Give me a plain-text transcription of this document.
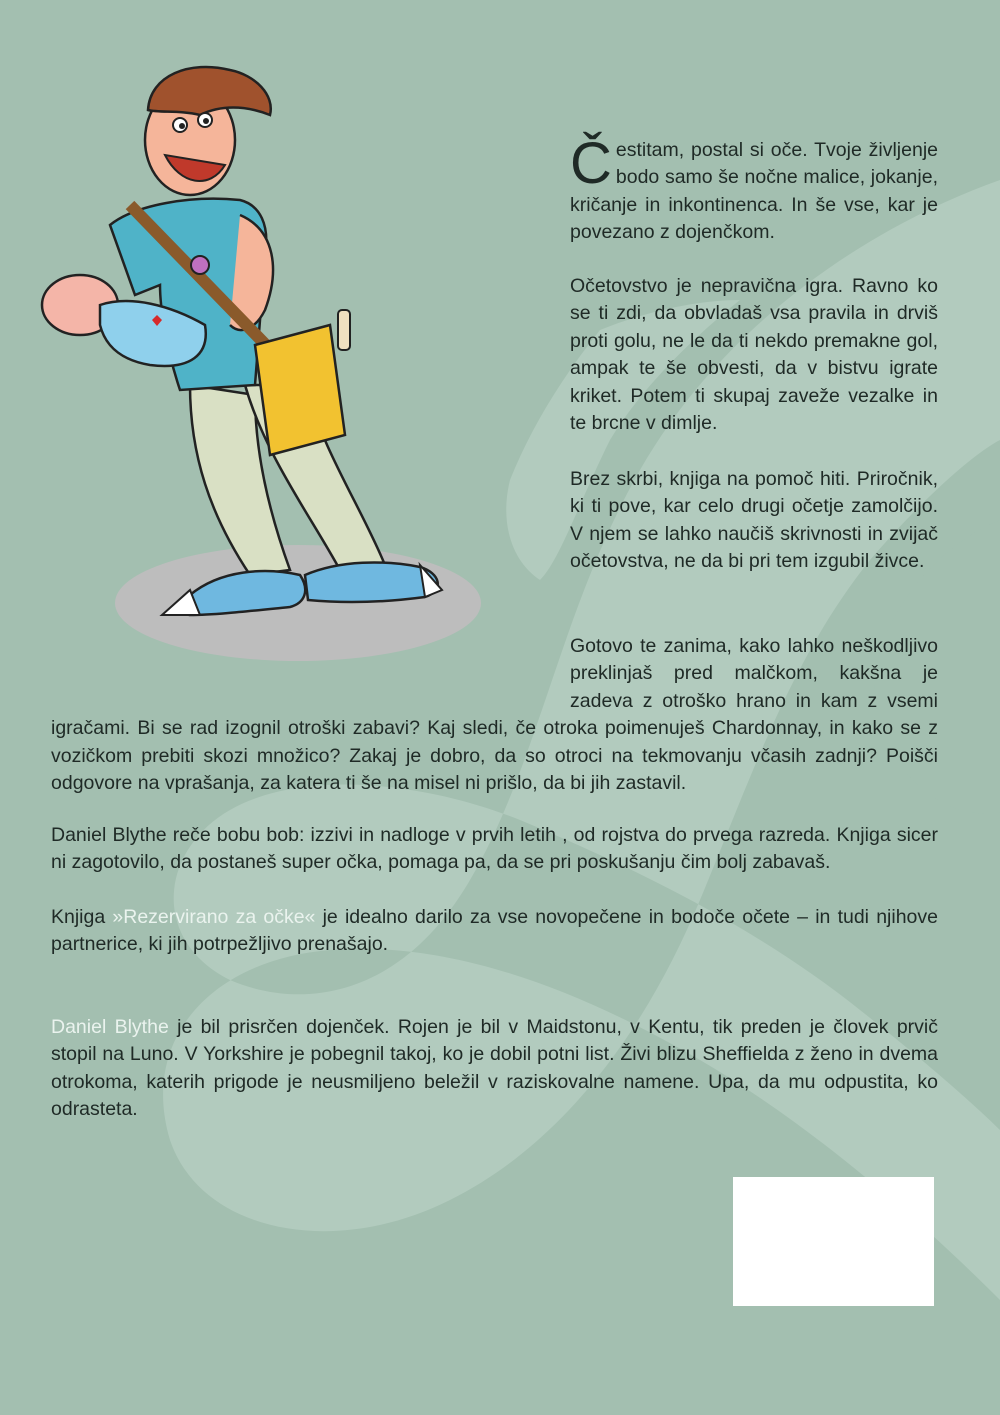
Čestitam, postal si oče. Tvoje življenje bodo samo še nočne malice, jokanje, kričanje in inkontinenca. In še vse, kar je povezano z dojenčkom.

Očetovstvo je nepravična igra. Ravno ko se ti zdi, da obvladaš vsa pravila in drviš proti golu, ne le da ti nekdo premakne gol, ampak te še obvesti, da v bistvu igrate kriket. Potem ti skupaj zaveže vezalke in te brcne v dimlje.

Brez skrbi, knjiga na pomoč hiti. Priročnik, ki ti pove, kar celo drugi očetje zamolčijo. V njem se lahko naučiš skrivnosti in zvijač očetovstva, ne da bi pri tem izgubil živce.

Gotovo te zanima, kako lahko neškodljivo preklinjaš pred malčkom, kakšna je zadeva z otroško hrano in kam z vsemi igračami. Bi se rad izognil otroški zabavi? Kaj sledi, če otroka poimenuješ Chardonnay, in kako se z vozičkom prebiti skozi množico? Zakaj je dobro, da so otroci na tekmovanju včasih zadnji? Poišči odgovore na vprašanja, za katera ti še na misel ni prišlo, da bi jih zastavil.

Daniel Blythe reče bobu bob: izzivi in nadloge v prvih letih , od rojstva do prvega razreda. Knjiga sicer ni zagotovilo, da postaneš super očka, pomaga pa, da se pri poskušanju čim bolj zabavaš.

Knjiga »Rezervirano za očke« je idealno darilo za vse novopečene in bodoče očete – in tudi njihove partnerice, ki jih potrpežljivo prenašajo.

Daniel Blythe je bil prisrčen dojenček. Rojen je bil v Maidstonu, v Kentu, tik preden je človek prvič stopil na Luno. V Yorkshire je pobegnil takoj, ko je dobil potni list. Živi blizu Sheffielda z ženo in dvema otrokoma, katerih prigode je neusmiljeno beležil v raziskovalne namene. Upa, da mu odpustita, ko odrasteta.
